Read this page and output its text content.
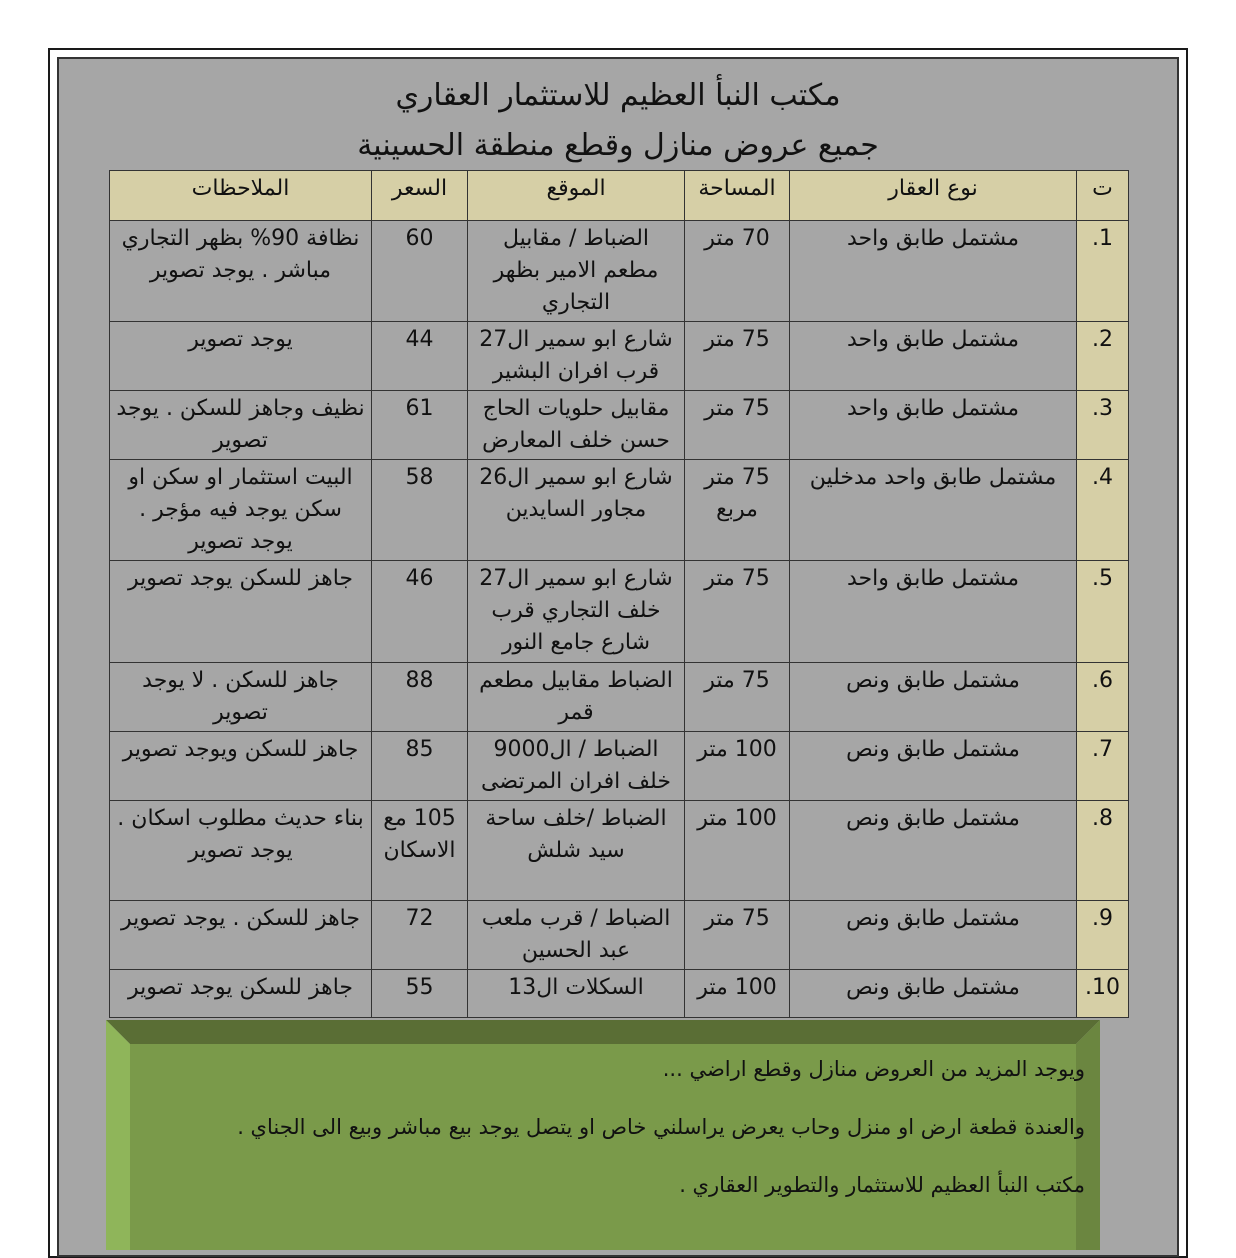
مكتب النبأ العظيم للاستثمار العقاري
جميع عروض منازل وقطع منطقة الحسينية
ت	نوع العقار	المساحة	الموقع	السعر	الملاحظات
1.	مشتمل طابق واحد	70 متر	الضباط / مقابيل مطعم الامير بظهر التجاري	60	نظافة 90% بظهر التجاري مباشر . يوجد تصوير
2.	مشتمل طابق واحد	75 متر	شارع ابو سمير ال27 قرب افران البشير	44	يوجد تصوير
3.	مشتمل طابق واحد	75 متر	مقابيل حلويات الحاج حسن خلف المعارض	61	نظيف وجاهز للسكن . يوجد تصوير
4.	مشتمل طابق واحد مدخلين	75 متر مربع	شارع ابو سمير ال26 مجاور السايدين	58	البيت استثمار او سكن او سكن يوجد فيه مؤجر . يوجد تصوير
5.	مشتمل طابق واحد	75 متر	شارع ابو سمير ال27 خلف التجاري قرب شارع جامع النور	46	جاهز للسكن يوجد تصوير
6.	مشتمل طابق ونص	75 متر	الضباط مقابيل مطعم قمر	88	جاهز للسكن . لا يوجد تصوير
7.	مشتمل طابق ونص	100 متر	الضباط / ال9000 خلف افران المرتضى	85	جاهز للسكن ويوجد تصوير
8.	مشتمل طابق ونص	100 متر	الضباط /خلف ساحة سيد شلش	105 مع الاسكان	بناء حديث مطلوب اسكان . يوجد تصوير
9.	مشتمل طابق ونص	75 متر	الضباط / قرب ملعب عبد الحسين	72	جاهز للسكن . يوجد تصوير
10.	مشتمل طابق ونص	100 متر	السكلات ال13	55	جاهز للسكن يوجد تصوير

ويوجد المزيد من العروض منازل وقطع اراضي ...

والعندة قطعة ارض او منزل وحاب يعرض يراسلني خاص او يتصل يوجد بيع مباشر وبيع الى الجناي .

مكتب النبأ العظيم للاستثمار والتطوير العقاري .
